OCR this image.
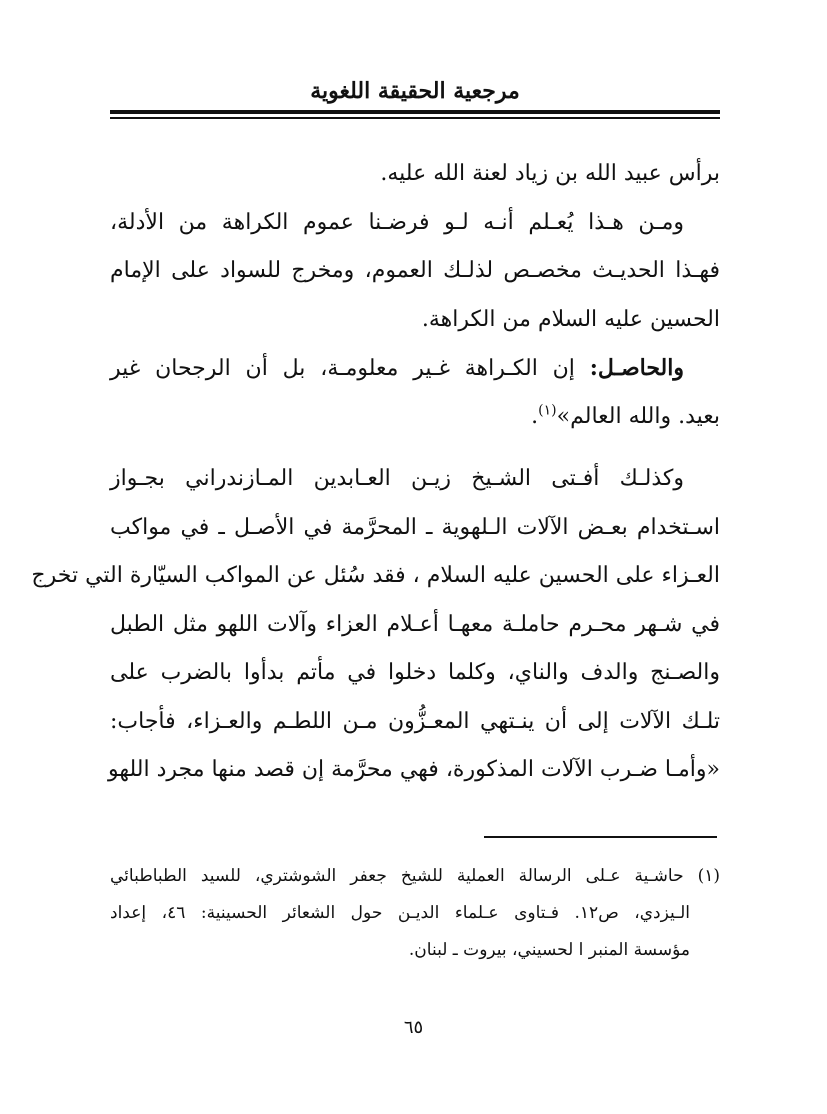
مرجعية الحقيقة اللغوية
برأس عبيد الله بن زياد لعنة الله عليه.
ومـن هـذا يُعـلم أنـه لـو فرضـنا عموم الكراهة من الأدلة،
فهـذا الحديـث مخصـص لذلـك العموم، ومخرج للسواد على الإمام
الحسين عليه السلام من الكراهة.
والحاصـل: إن الكـراهة غـير معلومـة، بل أن الرجحان غير
بعيد. والله العالم»$^{(١)}$.
وكذلـك أفـتى الشـيخ زيـن العـابدين المـازندراني بجـواز
اسـتخدام بعـض الآلات الـلهوية ـ المحرَّمة في الأصـل ـ في مواكب
العـزاء على الحسين عليه السلام ، فقد سُئل عن المواكب السيّارة التي تخرج
في شـهر محـرم حاملـة معهـا أعـلام العزاء وآلات اللهو مثل الطبل
والصـنج والدف والناي، وكلما دخلوا في مأتم بدأوا بالضرب على
تلـك الآلات إلى أن ينـتهي المعـزُّون مـن اللطـم والعـزاء، فأجاب:
«وأمـا ضـرب الآلات المذكورة، فهي محرَّمة إن قصد منها مجرد اللهو
(١) حاشـية عـلى الرسالة العملية للشيخ جعفر الشوشتري، للسيد الطباطبائي
الـيزدي، ص١٢. فـتاوى عـلماء الديـن حول الشعائر الحسينية: ٤٦، إعداد
مؤسسة المنبر ا لحسيني، بيروت ـ لبنان.
٦٥
